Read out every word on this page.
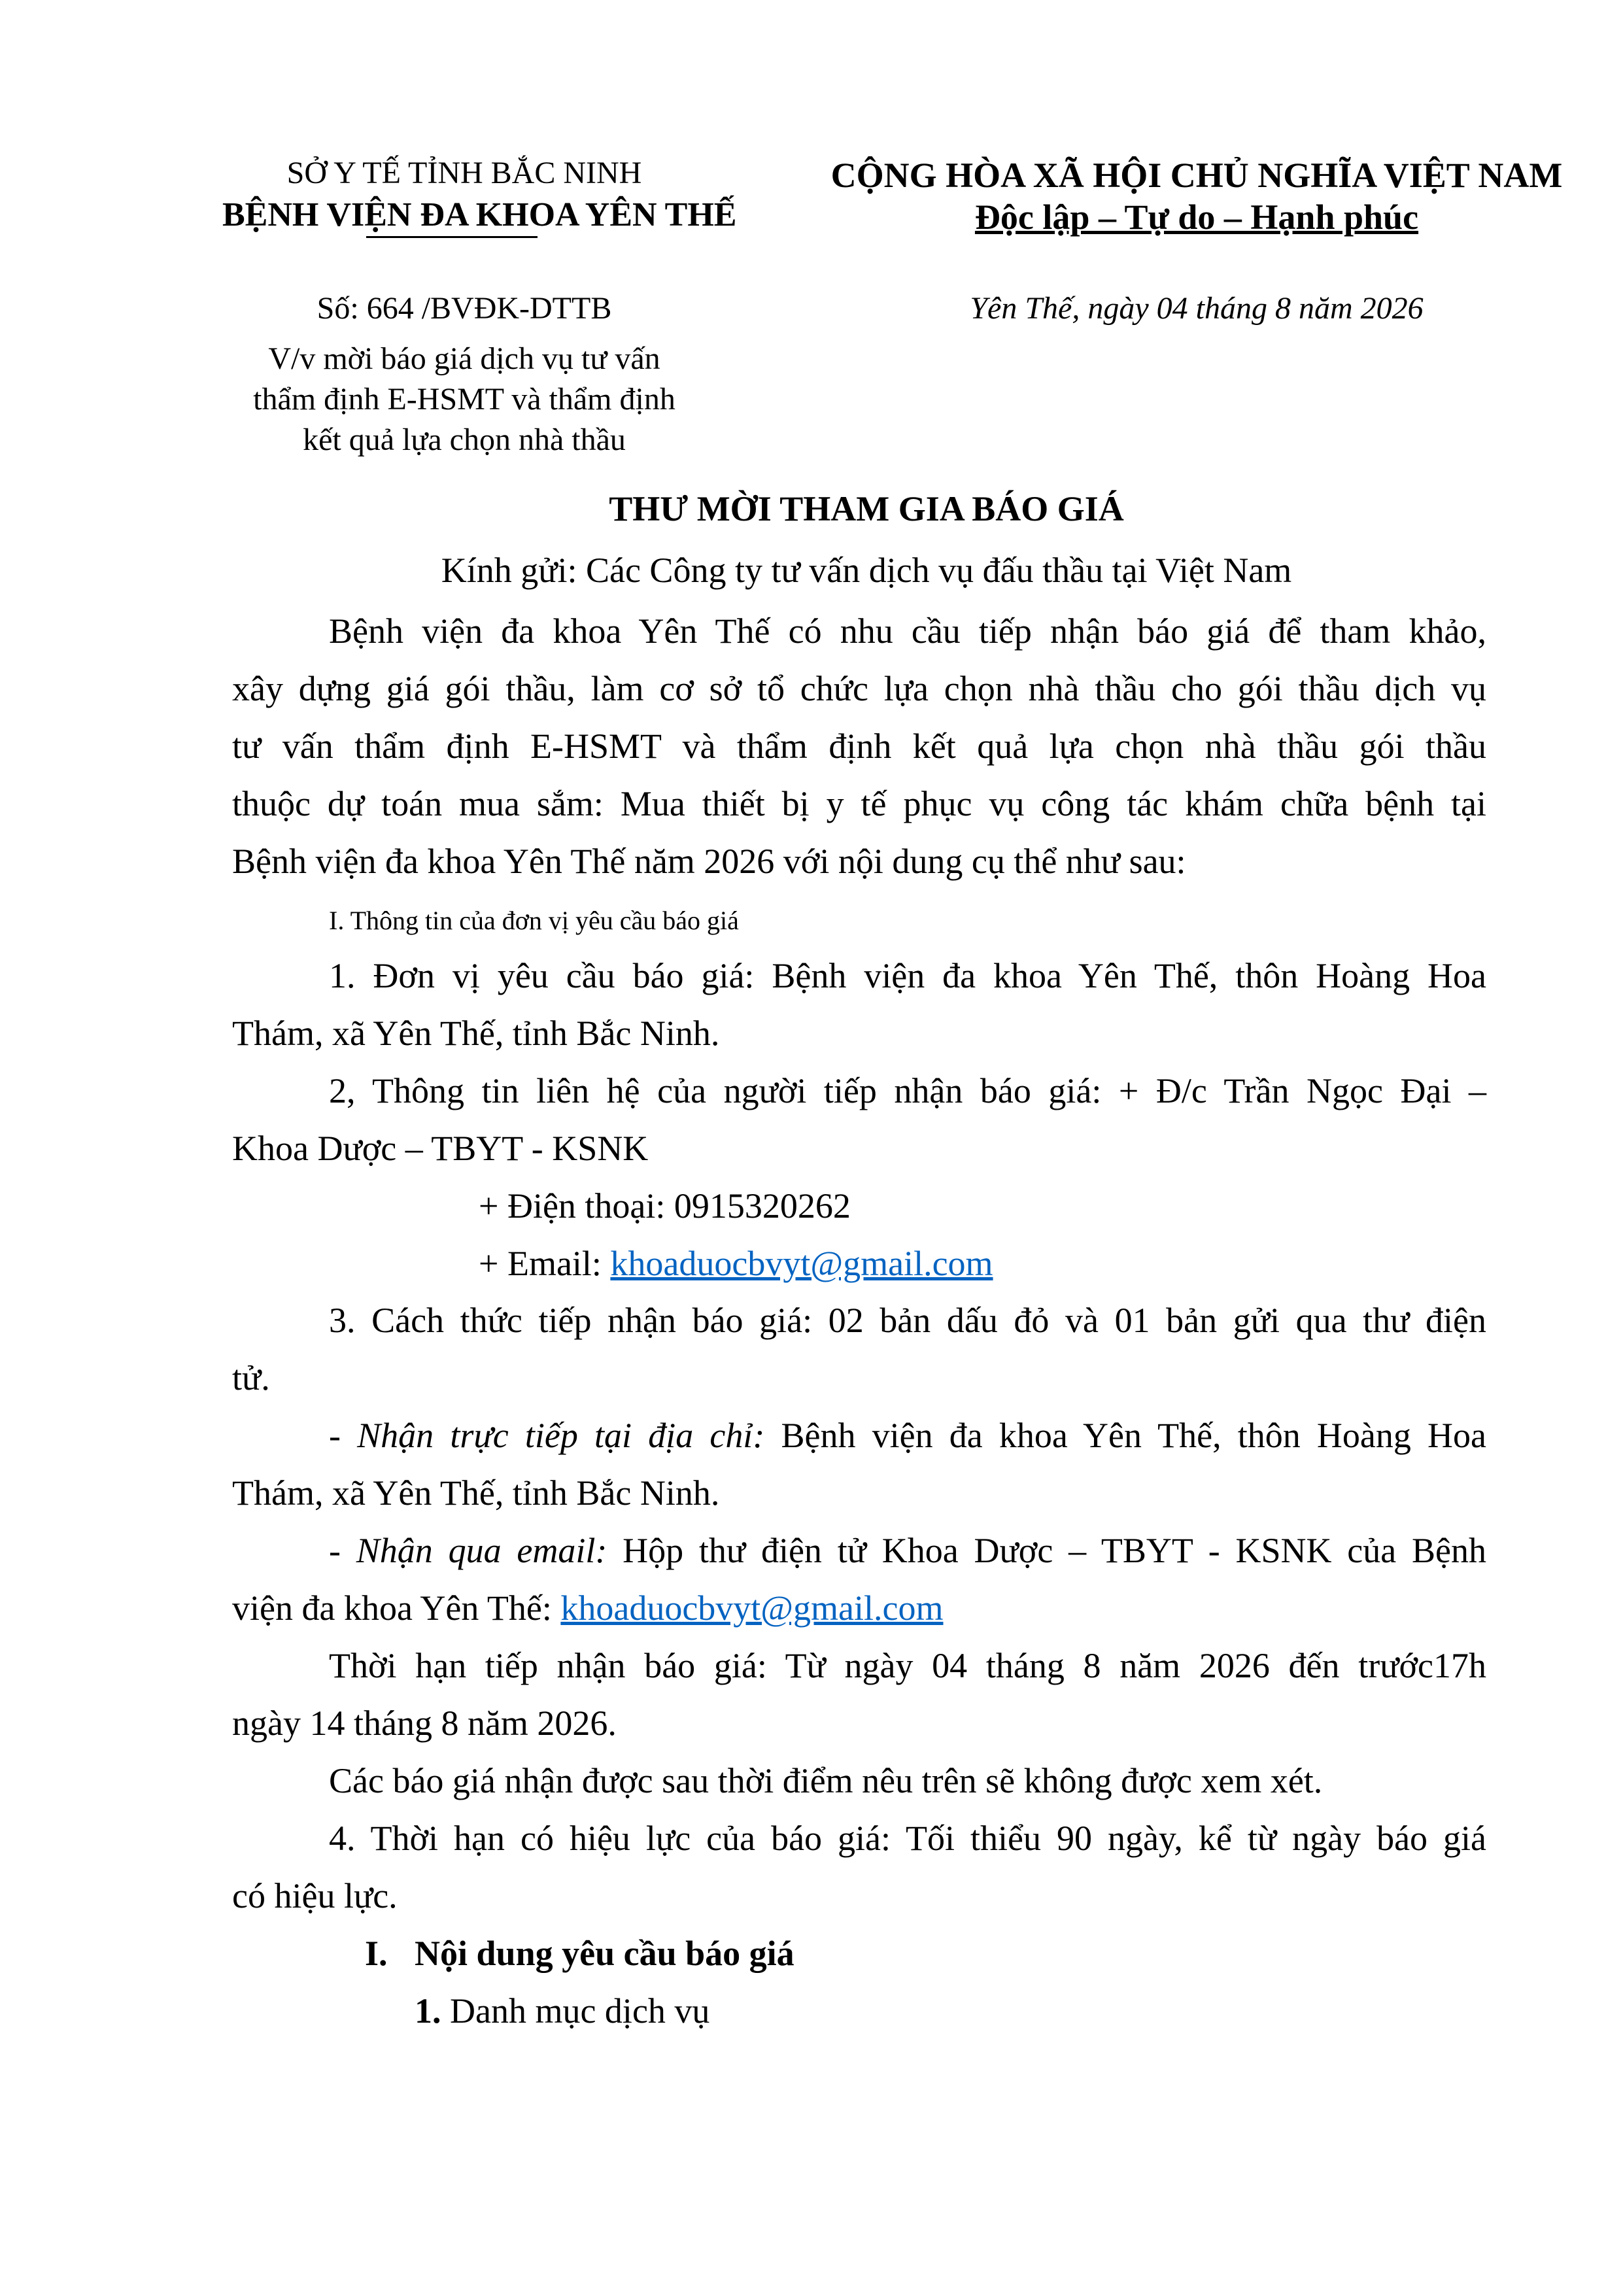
SỞ Y TẾ TỈNH BẮC NINH
BỆNH VIỆN ĐA KHOA YÊN THẾ
Số: 664 /BVĐK-DTTB
V/v mời báo giá dịch vụ tư vấn
thẩm định E-HSMT và thẩm định
kết quả lựa chọn nhà thầu
CỘNG HÒA XÃ HỘI CHỦ NGHĨA VIỆT NAM
Độc lập – Tự do – Hạnh phúc
Yên Thế, ngày 04 tháng 8 năm 2026
THƯ MỜI THAM GIA BÁO GIÁ
Kính gửi: Các Công ty tư vấn dịch vụ đấu thầu tại Việt Nam
Bệnh viện đa khoa Yên Thế có nhu cầu tiếp nhận báo giá để tham khảo,
xây dựng giá gói thầu, làm cơ sở tổ chức lựa chọn nhà thầu cho gói thầu dịch vụ
tư vấn thẩm định E-HSMT và thẩm định kết quả lựa chọn nhà thầu gói thầu
thuộc dự toán mua sắm: Mua thiết bị y tế phục vụ công tác khám chữa bệnh tại
Bệnh viện đa khoa Yên Thế năm 2026 với nội dung cụ thể như sau:
I. Thông tin của đơn vị yêu cầu báo giá
1. Đơn vị yêu cầu báo giá: Bệnh viện đa khoa Yên Thế, thôn Hoàng Hoa
Thám, xã Yên Thế, tỉnh Bắc Ninh.
2, Thông tin liên hệ của người tiếp nhận báo giá: + Đ/c Trần Ngọc Đại –
Khoa Dược – TBYT - KSNK
+ Điện thoại: 0915320262
+ Email: khoaduocbvyt@gmail.com
3. Cách thức tiếp nhận báo giá: 02 bản dấu đỏ và 01 bản gửi qua thư điện
tử.
- Nhận trực tiếp tại địa chỉ: Bệnh viện đa khoa Yên Thế, thôn Hoàng Hoa
Thám, xã Yên Thế, tỉnh Bắc Ninh.
- Nhận qua email: Hộp thư điện tử Khoa Dược – TBYT - KSNK của Bệnh
viện đa khoa Yên Thế: khoaduocbvyt@gmail.com
Thời hạn tiếp nhận báo giá: Từ ngày 04 tháng 8 năm 2026 đến trước17h
ngày 14 tháng 8 năm 2026.
Các báo giá nhận được sau thời điểm nêu trên sẽ không được xem xét.
4. Thời hạn có hiệu lực của báo giá: Tối thiểu 90 ngày, kể từ ngày báo giá
có hiệu lực.
I. Nội dung yêu cầu báo giá
1. Danh mục dịch vụ
